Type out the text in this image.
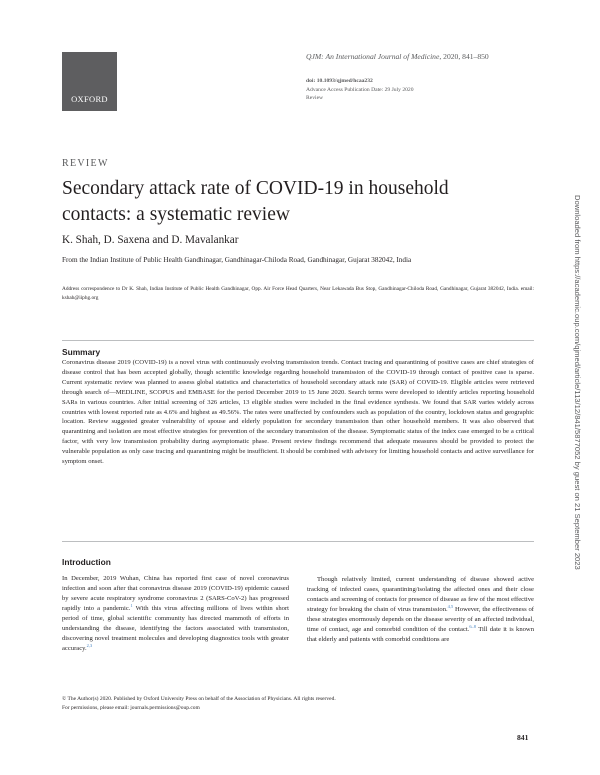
OXFORD
QJM: An International Journal of Medicine, 2020, 841–850
doi: 10.1093/qjmed/hcaa232
Advance Access Publication Date: 29 July 2020
Review
REVIEW
Secondary attack rate of COVID-19 in household contacts: a systematic review
K. Shah, D. Saxena and D. Mavalankar
From the Indian Institute of Public Health Gandhinagar, Gandhinagar-Chiloda Road, Gandhinagar, Gujarat 382042, India
Address correspondence to Dr K. Shah, Indian Institute of Public Health Gandhinagar, Opp. Air Force Head Quarters, Near Lekawada Bus Stop, Gandhinagar-Chiloda Road, Gandhinagar, Gujarat 382042, India. email: kshah@iiphg.org
Summary

Coronavirus disease 2019 (COVID-19) is a novel virus with continuously evolving transmission trends. Contact tracing and quarantining of positive cases are chief strategies of disease control that has been accepted globally, though scientific knowledge regarding household transmission of the COVID-19 through contact of positive case is sparse. Current systematic review was planned to assess global statistics and characteristics of household secondary attack rate (SAR) of COVID-19. Eligible articles were retrieved through search of—MEDLINE, SCOPUS and EMBASE for the period December 2019 to 15 June 2020. Search terms were developed to identify articles reporting household SARs in various countries. After initial screening of 326 articles, 13 eligible studies were included in the final evidence synthesis. We found that SAR varies widely across countries with lowest reported rate as 4.6% and highest as 49.56%. The rates were unaffected by confounders such as population of the country, lockdown status and geographic location. Review suggested greater vulnerability of spouse and elderly population for secondary transmission than other household members. It was also observed that quarantining and isolation are most effective strategies for prevention of the secondary transmission of the disease. Symptomatic status of the index case emerged to be a critical factor, with very low transmission probability during asymptomatic phase. Present review findings recommend that adequate measures should be provided to protect the vulnerable population as only case tracing and quarantining might be insufficient. It should be combined with advisory for limiting household contacts and active surveillance for symptom onset.

Introduction

In December, 2019 Wuhan, China has reported first case of novel coronavirus infection and soon after that coronavirus disease 2019 (COVID-19) epidemic caused by severe acute respiratory syndrome coronavirus 2 (SARS-CoV-2) has progressed rapidly into a pandemic.$^1$ With this virus affecting millions of lives within short period of time, global scientific community has directed mammoth of efforts in understanding the disease, identifying the factors associated with transmission, discovering novel treatment molecules and developing diagnostics tools with greater accuracy.$^{2,3}$

Though relatively limited, current understanding of disease showed active tracking of infected cases, quarantining/isolating the affected ones and their close contacts and screening of contacts for presence of disease as few of the most effective strategy for breaking the chain of virus transmission.$^{4,5}$ However, the effectiveness of these strategies enormously depends on the disease severity of an affected individual, time of contact, age and comorbid condition of the contact.$^{6-8}$ Till date it is known that elderly and patients with comorbid conditions are

© The Author(s) 2020. Published by Oxford University Press on behalf of the Association of Physicians. All rights reserved.
For permissions, please email: journals.permissions@oup.com
841
Downloaded from https://academic.oup.com/qjmed/article/113/12/841/5877052 by guest on 21 September 2023
